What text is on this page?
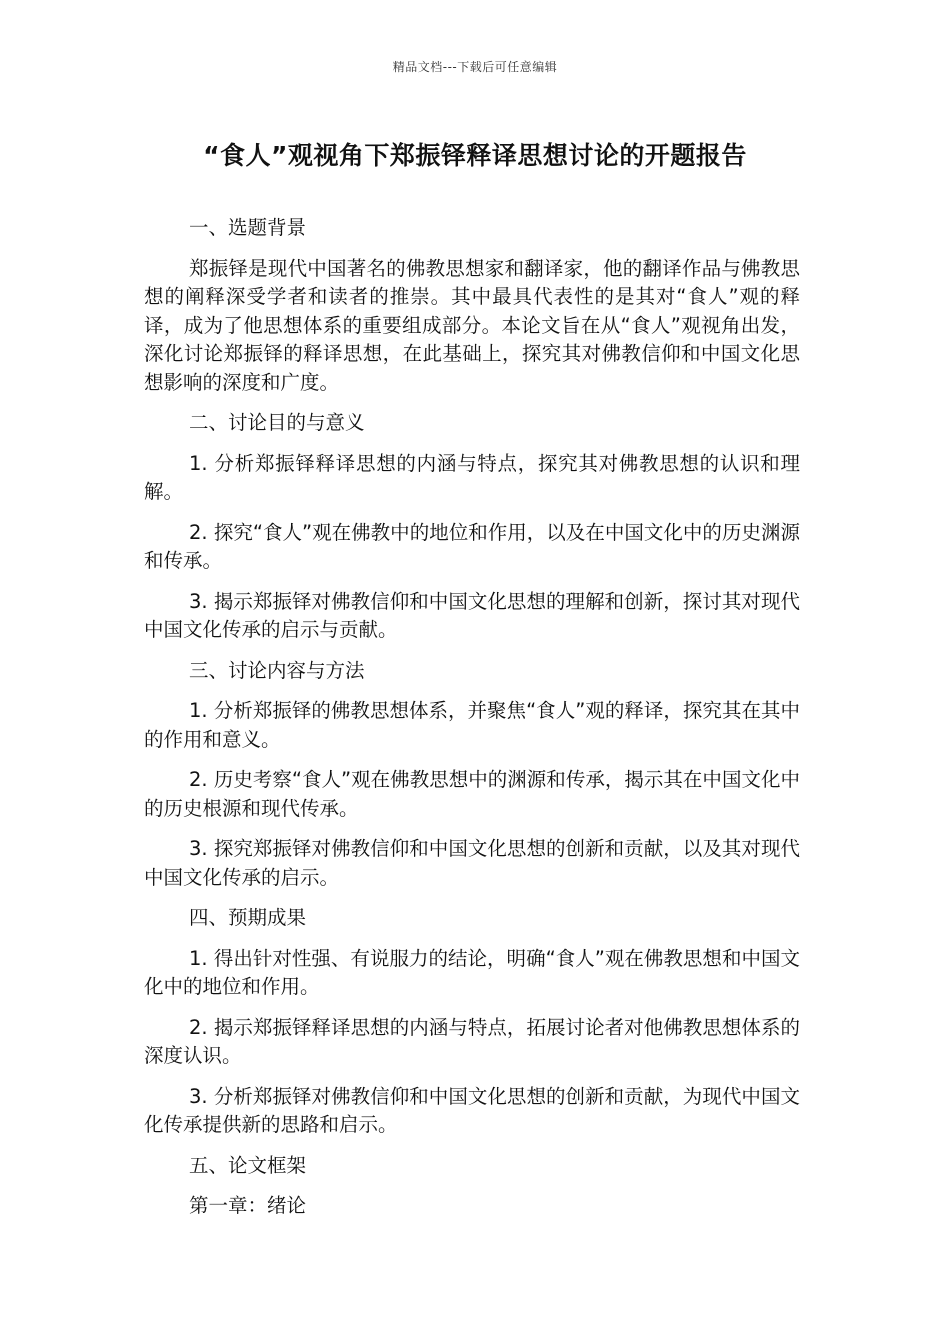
精品文档---下载后可任意编辑
“食人”观视角下郑振铎释译思想讨论的开题报告

一、选题背景

郑振铎是现代中国著名的佛教思想家和翻译家，他的翻译作品与佛教思想的阐释深受学者和读者的推崇。其中最具代表性的是其对“食人”观的释译，成为了他思想体系的重要组成部分。本论文旨在从“食人”观视角出发，深化讨论郑振铎的释译思想，在此基础上，探究其对佛教信仰和中国文化思想影响的深度和广度。

二、讨论目的与意义

1. 分析郑振铎释译思想的内涵与特点，探究其对佛教思想的认识和理解。

2. 探究“食人”观在佛教中的地位和作用，以及在中国文化中的历史渊源和传承。

3. 揭示郑振铎对佛教信仰和中国文化思想的理解和创新，探讨其对现代中国文化传承的启示与贡献。

三、讨论内容与方法

1. 分析郑振铎的佛教思想体系，并聚焦“食人”观的释译，探究其在其中的作用和意义。

2. 历史考察“食人”观在佛教思想中的渊源和传承，揭示其在中国文化中的历史根源和现代传承。

3. 探究郑振铎对佛教信仰和中国文化思想的创新和贡献，以及其对现代中国文化传承的启示。

四、预期成果

1. 得出针对性强、有说服力的结论，明确“食人”观在佛教思想和中国文化中的地位和作用。

2. 揭示郑振铎释译思想的内涵与特点，拓展讨论者对他佛教思想体系的深度认识。

3. 分析郑振铎对佛教信仰和中国文化思想的创新和贡献，为现代中国文化传承提供新的思路和启示。

五、论文框架

第一章：绪论
